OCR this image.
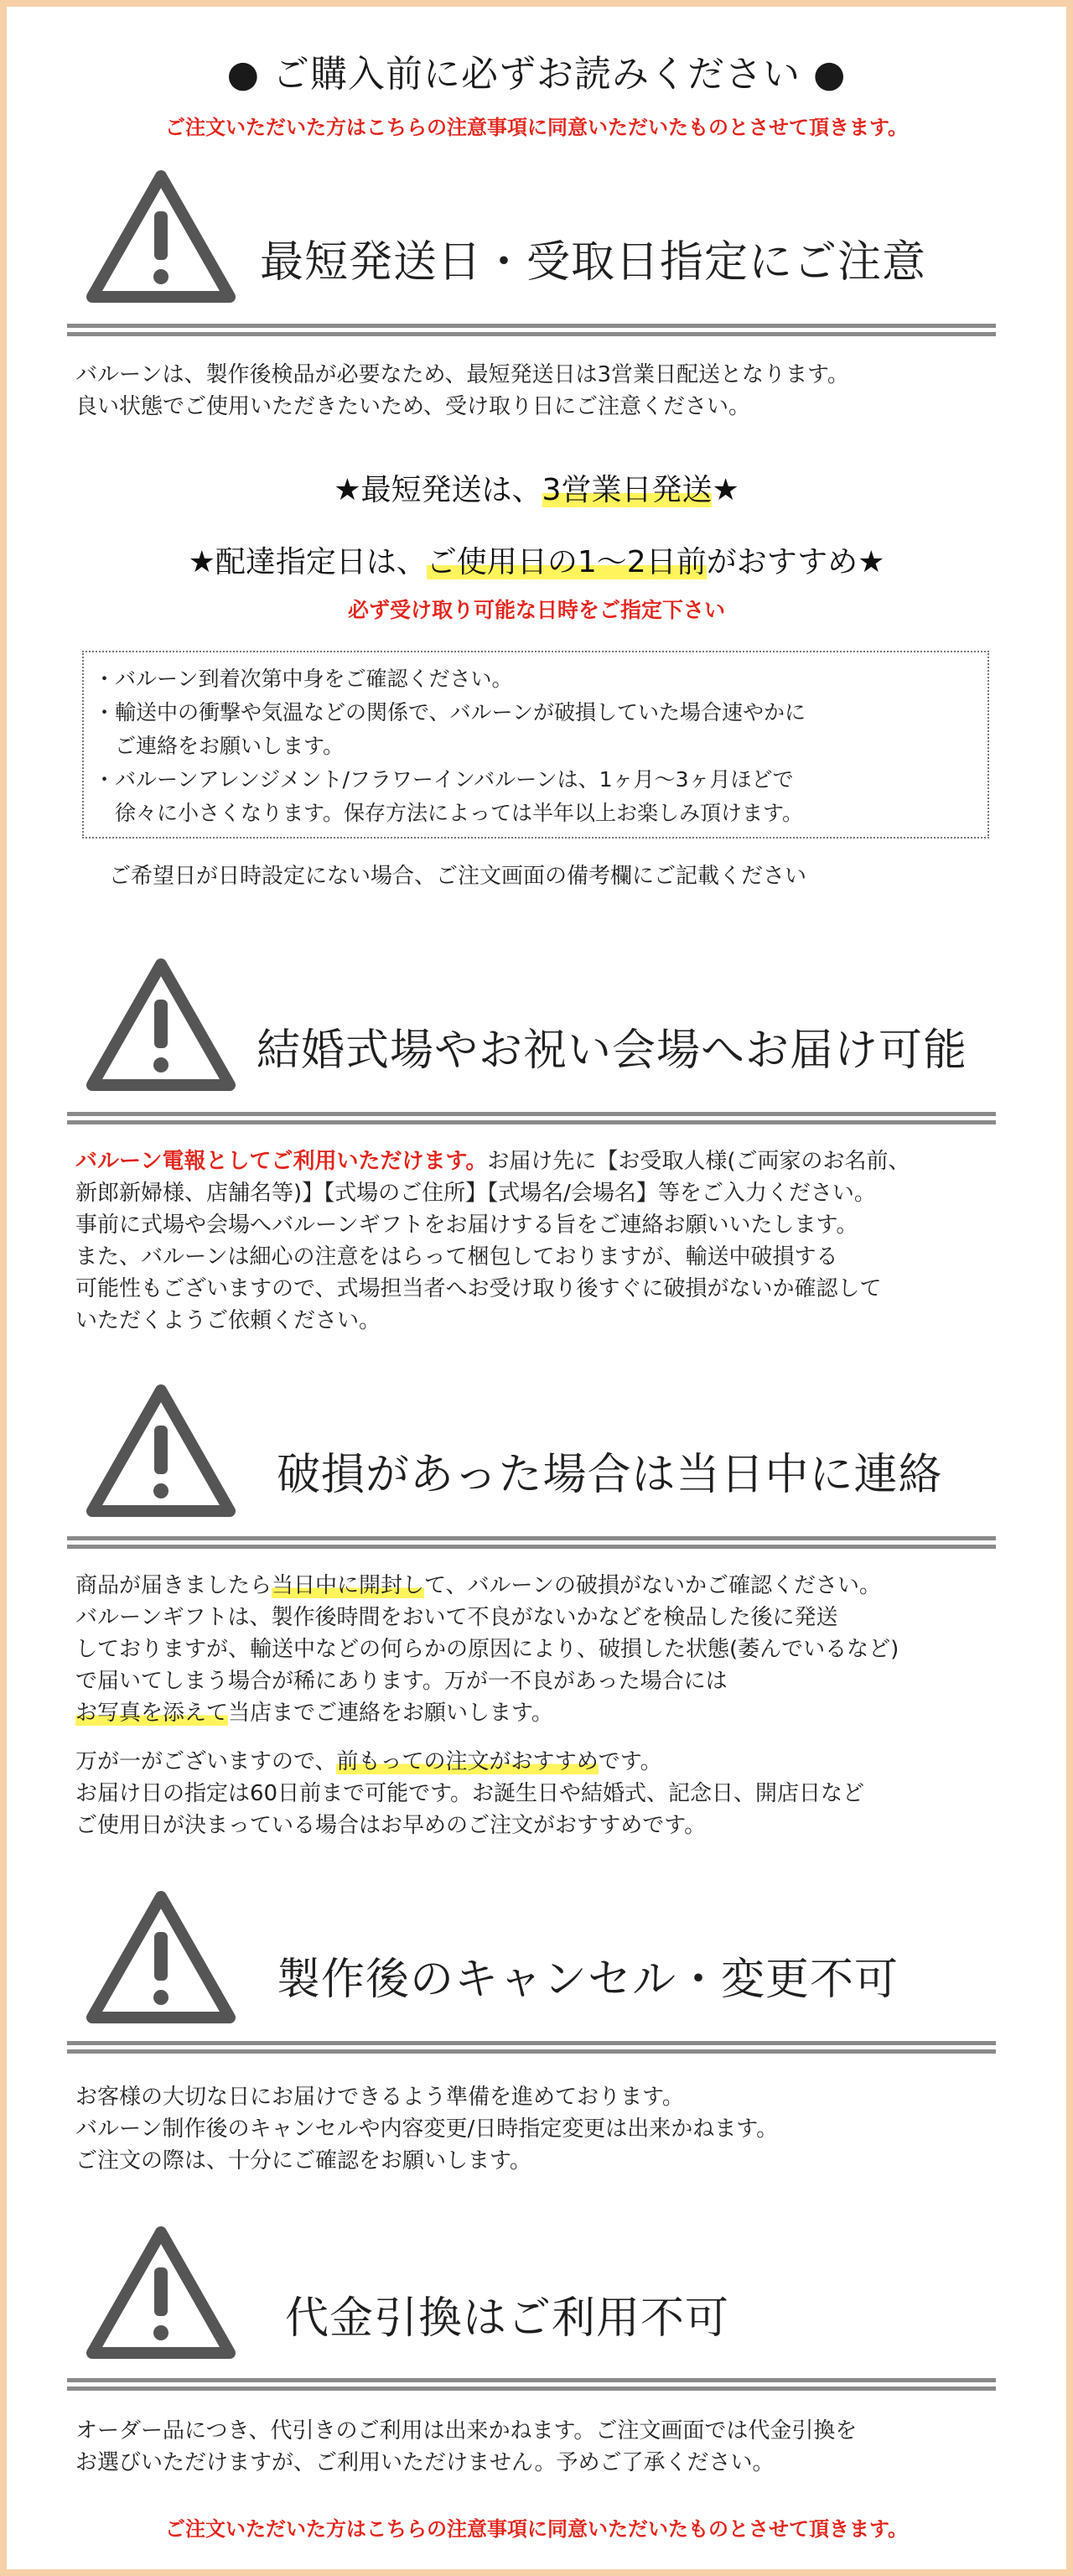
● ご購入前に必ずお読みください ●
ご注文いただいた方はこちらの注意事項に同意いただいたものとさせて頂きます。
最短発送日・受取日指定にご注意
バルーンは、製作後検品が必要なため、最短発送日は3営業日配送となります。
良い状態でご使用いただきたいため、受け取り日にご注意ください。
★最短発送は、3営業日発送★
★配達指定日は、ご使用日の1～2日前がおすすめ★
必ず受け取り可能な日時をご指定下さい
・バルーン到着次第中身をご確認ください。
・輸送中の衝撃や気温などの関係で、バルーンが破損していた場合速やかに
　ご連絡をお願いします。
・バルーンアレンジメント/フラワーインバルーンは、1ヶ月～3ヶ月ほどで
　徐々に小さくなります。保存方法によっては半年以上お楽しみ頂けます。
ご希望日が日時設定にない場合、ご注文画面の備考欄にご記載ください
結婚式場やお祝い会場へお届け可能
バルーン電報としてご利用いただけます。お届け先に【お受取人様(ご両家のお名前、
新郎新婦様、店舗名等)】【式場のご住所】【式場名/会場名】等をご入力ください。
事前に式場や会場へバルーンギフトをお届けする旨をご連絡お願いいたします。
また、バルーンは細心の注意をはらって梱包しておりますが、輸送中破損する
可能性もございますので、式場担当者へお受け取り後すぐに破損がないか確認して
いただくようご依頼ください。
破損があった場合は当日中に連絡
商品が届きましたら当日中に開封して、バルーンの破損がないかご確認ください。
バルーンギフトは、製作後時間をおいて不良がないかなどを検品した後に発送
しておりますが、輸送中などの何らかの原因により、破損した状態(萎んでいるなど)
で届いてしまう場合が稀にあります。万が一不良があった場合には
お写真を添えて当店までご連絡をお願いします。
万が一がございますので、前もっての注文がおすすめです。
お届け日の指定は60日前まで可能です。お誕生日や結婚式、記念日、開店日など
ご使用日が決まっている場合はお早めのご注文がおすすめです。
製作後のキャンセル・変更不可
お客様の大切な日にお届けできるよう準備を進めております。
バルーン制作後のキャンセルや内容変更/日時指定変更は出来かねます。
ご注文の際は、十分にご確認をお願いします。
代金引換はご利用不可
オーダー品につき、代引きのご利用は出来かねます。ご注文画面では代金引換を
お選びいただけますが、ご利用いただけません。予めご了承ください。
ご注文いただいた方はこちらの注意事項に同意いただいたものとさせて頂きます。
